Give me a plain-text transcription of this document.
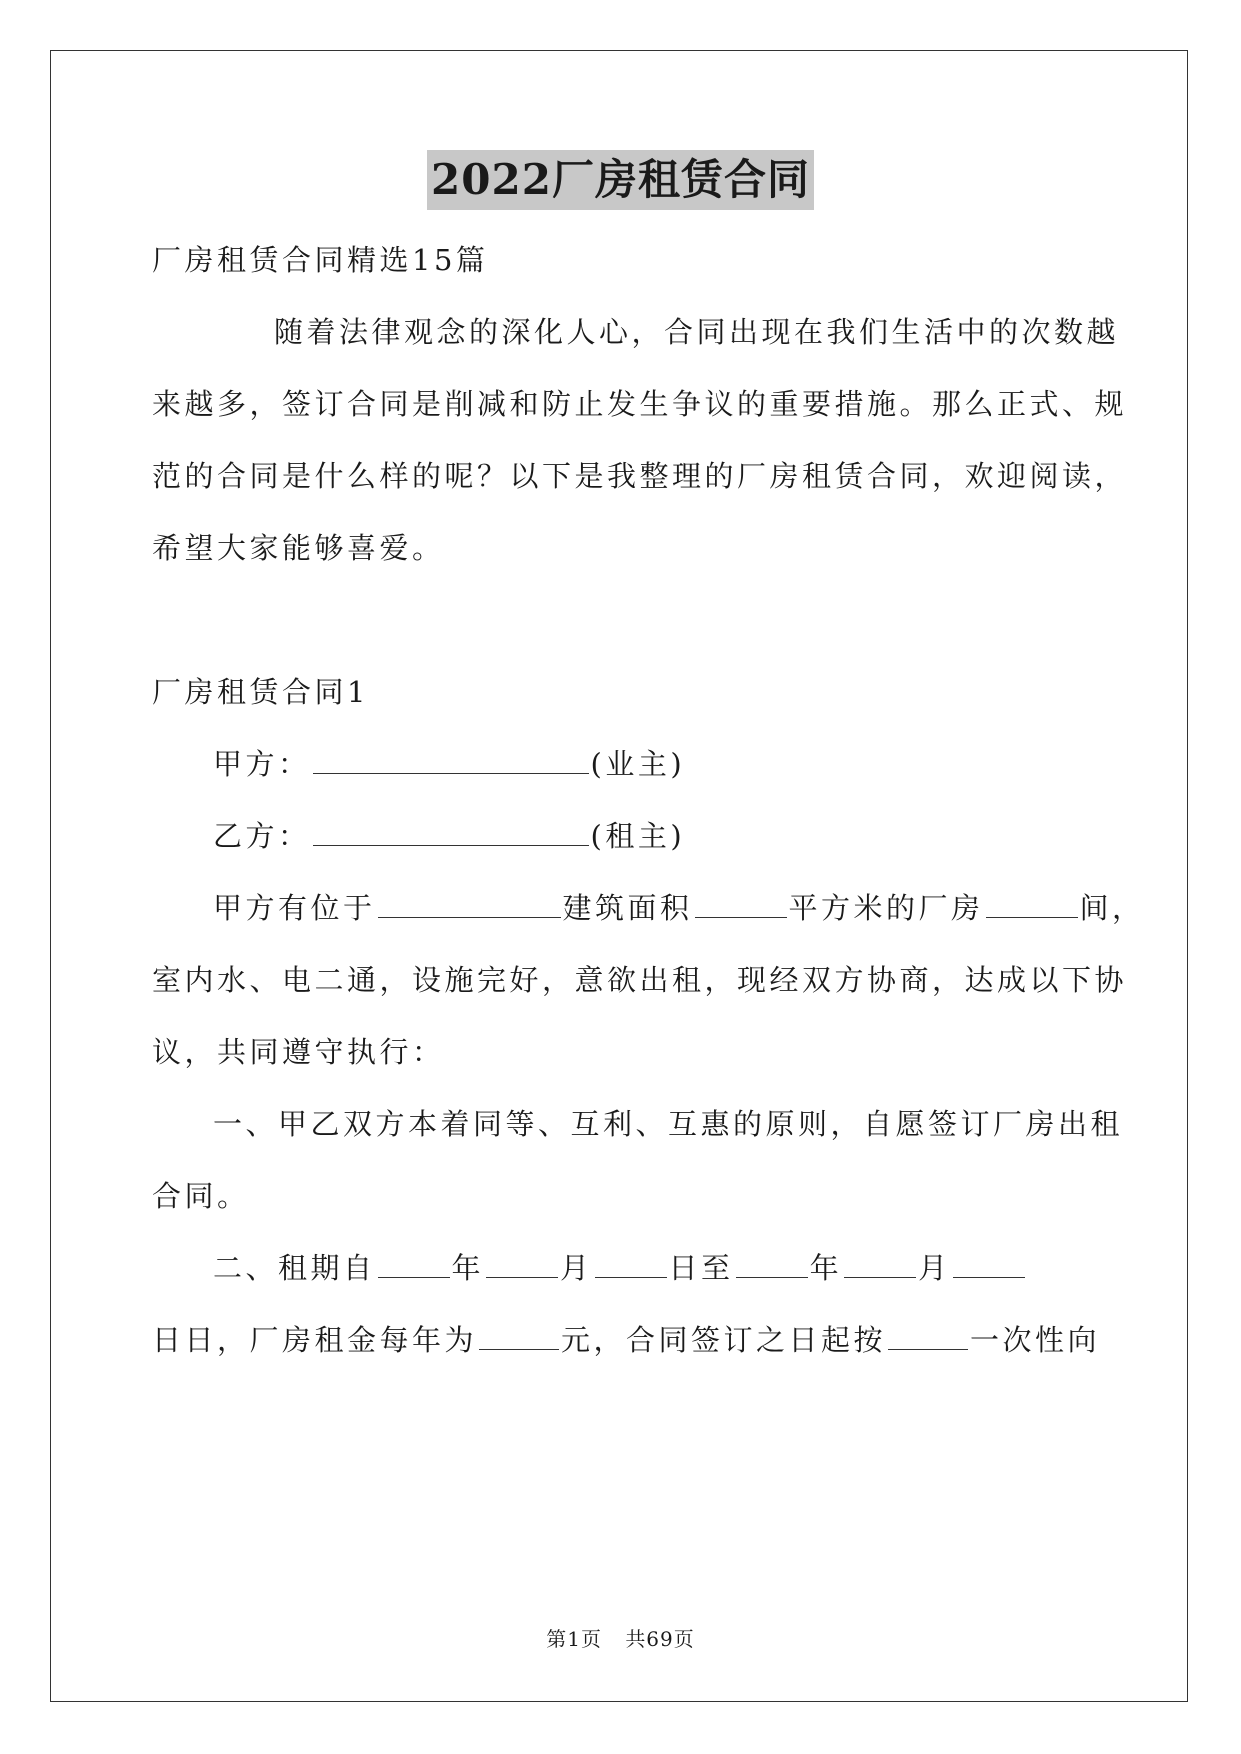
2022厂房租赁合同
厂房租赁合同精选15篇
随着法律观念的深化人心，合同出现在我们生活中的次数越
来越多，签订合同是削减和防止发生争议的重要措施。那么正式、规
范的合同是什么样的呢？以下是我整理的厂房租赁合同，欢迎阅读，
希望大家能够喜爱。
厂房租赁合同1
甲方：	(业主)
乙方：	(租主)
甲方有位于	建筑面积	平方米的厂房	间，
室内水、电二通，设施完好，意欲出租，现经双方协商，达成以下协
议，共同遵守执行：
一、甲乙双方本着同等、互利、互惠的原则，自愿签订厂房出租
合同。
二、租期自	年	月	日至	年	月
日日，厂房租金每年为	元，合同签订之日起按	一次性向
第1页 共69页
